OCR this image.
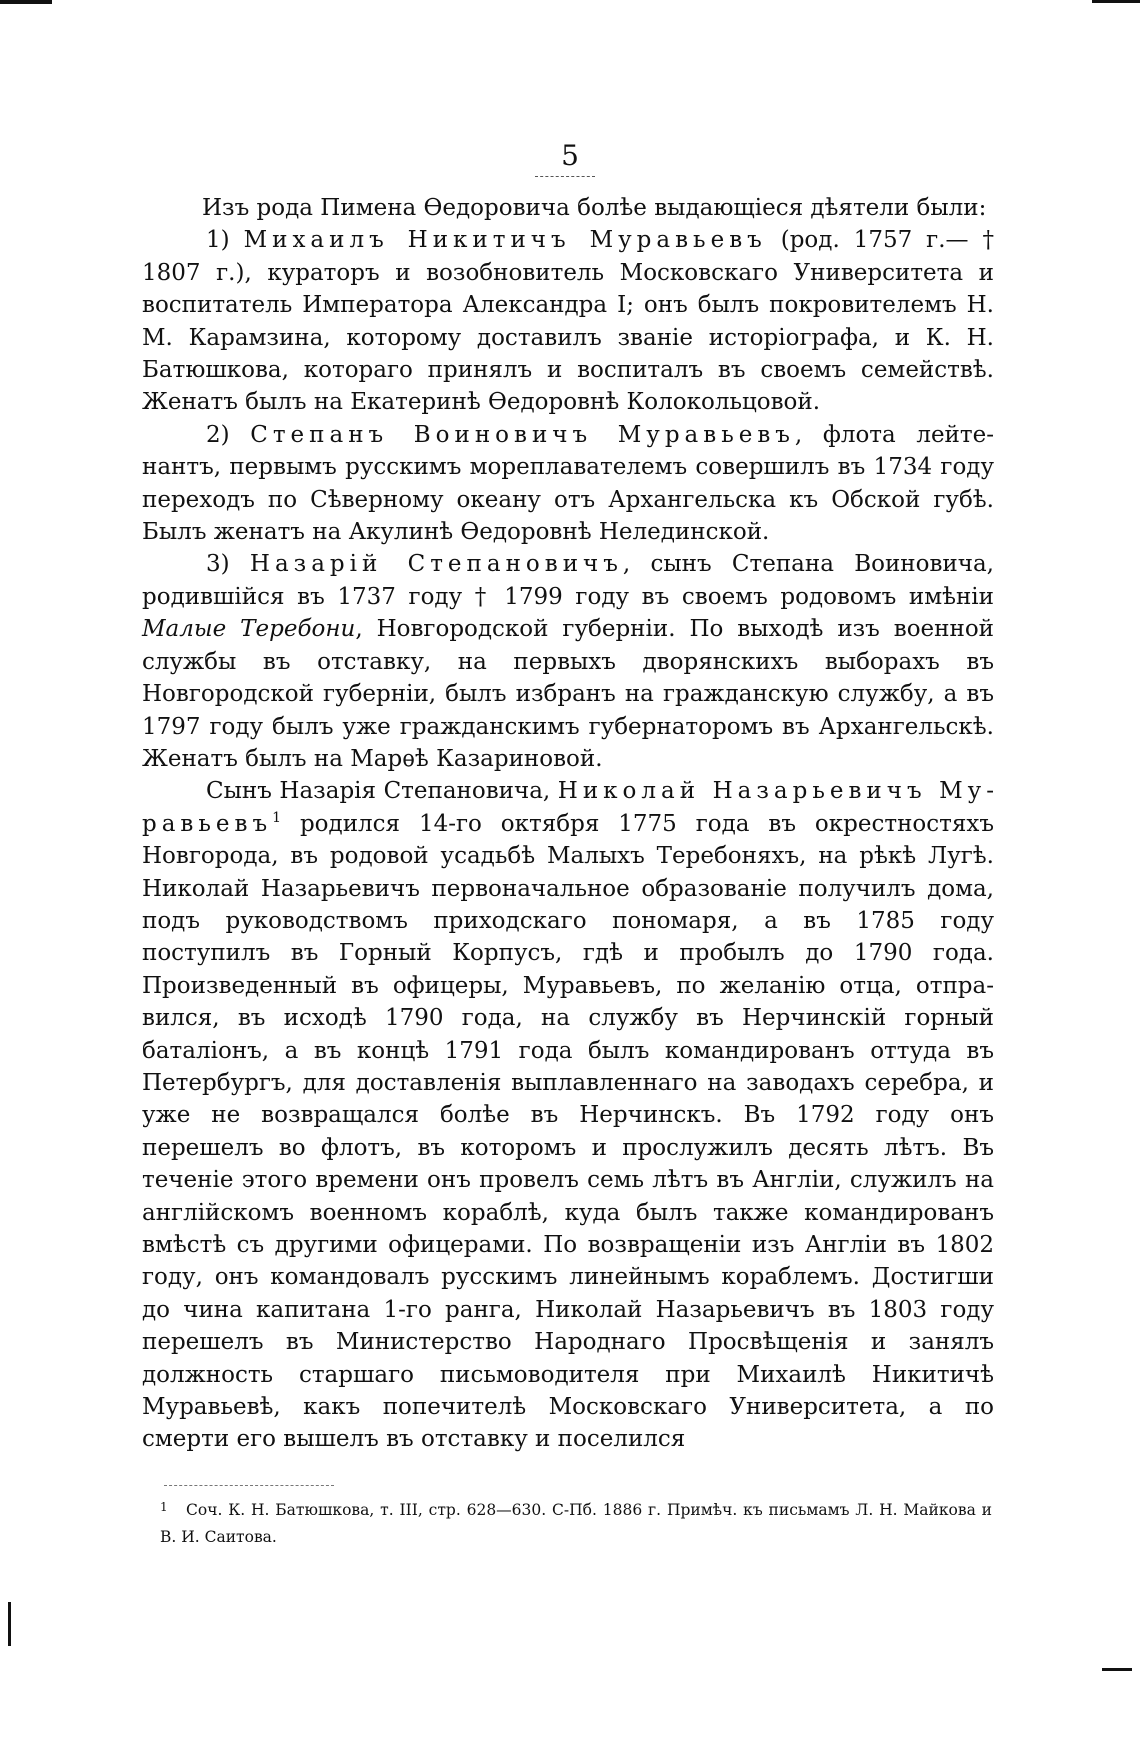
5

Изъ рода Пимена Ѳедоровича болѣе выдающіеся дѣятели были:

1) Михаилъ Никитичъ Муравьевъ (род. 1757 г.— † 1807 г.), кураторъ и возобновитель Московскаго Университета и воспитатель Императора Александра I; онъ былъ покровителемъ Н. М. Карамзина, которому доставилъ званіе исторіографа, и К. Н. Батюшкова, котораго принялъ и воспиталъ въ своемъ семействѣ. Женатъ былъ на Екатеринѣ Ѳедоровнѣ Колокольцовой.

2) Степанъ Воиновичъ Муравьевъ, флота лейтенантъ, первымъ русскимъ мореплавателемъ совершилъ въ 1734 году переходъ по Сѣверному океану отъ Архангельска къ Обской губѣ. Былъ женатъ на Акулинѣ Ѳедоровнѣ Нелединской.

3) Назарій Степановичъ, сынъ Степана Воиновича, родившійся въ 1737 году † 1799 году въ своемъ родовомъ имѣніи Малые Теребони, Новгородской губерніи. По выходѣ изъ военной службы въ отставку, на первыхъ дворянскихъ выборахъ въ Новгородской губерніи, былъ избранъ на гражданскую службу, а въ 1797 году былъ уже гражданскимъ губернаторомъ въ Архангельскѣ. Женатъ былъ на Марѳѣ Казариновой.

Сынъ Назарія Степановича, Николай Назарьевичъ Муравьевъ$^1$ родился 14-го октября 1775 года въ окрестностяхъ Новгорода, въ родовой усадьбѣ Малыхъ Теребоняхъ, на рѣкѣ Лугѣ. Николай Назарьевичъ первоначальное образованіе получилъ дома, подъ руководствомъ приходскаго пономаря, а въ 1785 году поступилъ въ Горный Корпусъ, гдѣ и пробылъ до 1790 года. Произведенный въ офицеры, Муравьевъ, по желанію отца, отправился, въ исходѣ 1790 года, на службу въ Нерчинскій горный баталіонъ, а въ концѣ 1791 года былъ командированъ оттуда въ Петербургъ, для доставленія выплавленнаго на заводахъ серебра, и уже не возвращался болѣе въ Нерчинскъ. Въ 1792 году онъ перешелъ во флотъ, въ которомъ и прослужилъ десять лѣтъ. Въ теченіе этого времени онъ провелъ семь лѣтъ въ Англіи, служилъ на англійскомъ военномъ кораблѣ, куда былъ также командированъ вмѣстѣ съ другими офицерами. По возвращеніи изъ Англіи въ 1802 году, онъ командовалъ русскимъ линейнымъ кораблемъ. Достигши до чина капитана 1-го ранга, Николай Назарьевичъ въ 1803 году перешелъ въ Министерство Народнаго Просвѣщенія и занялъ должность старшаго письмоводителя при Михаилѣ Никитичѣ Муравьевѣ, какъ попечителѣ Московскаго Университета, а по смерти его вышелъ въ отставку и поселился

1 Соч. К. Н. Батюшкова, т. III, стр. 628—630. С-Пб. 1886 г. Примѣч. къ письмамъ Л. Н. Майкова и В. И. Саитова.
